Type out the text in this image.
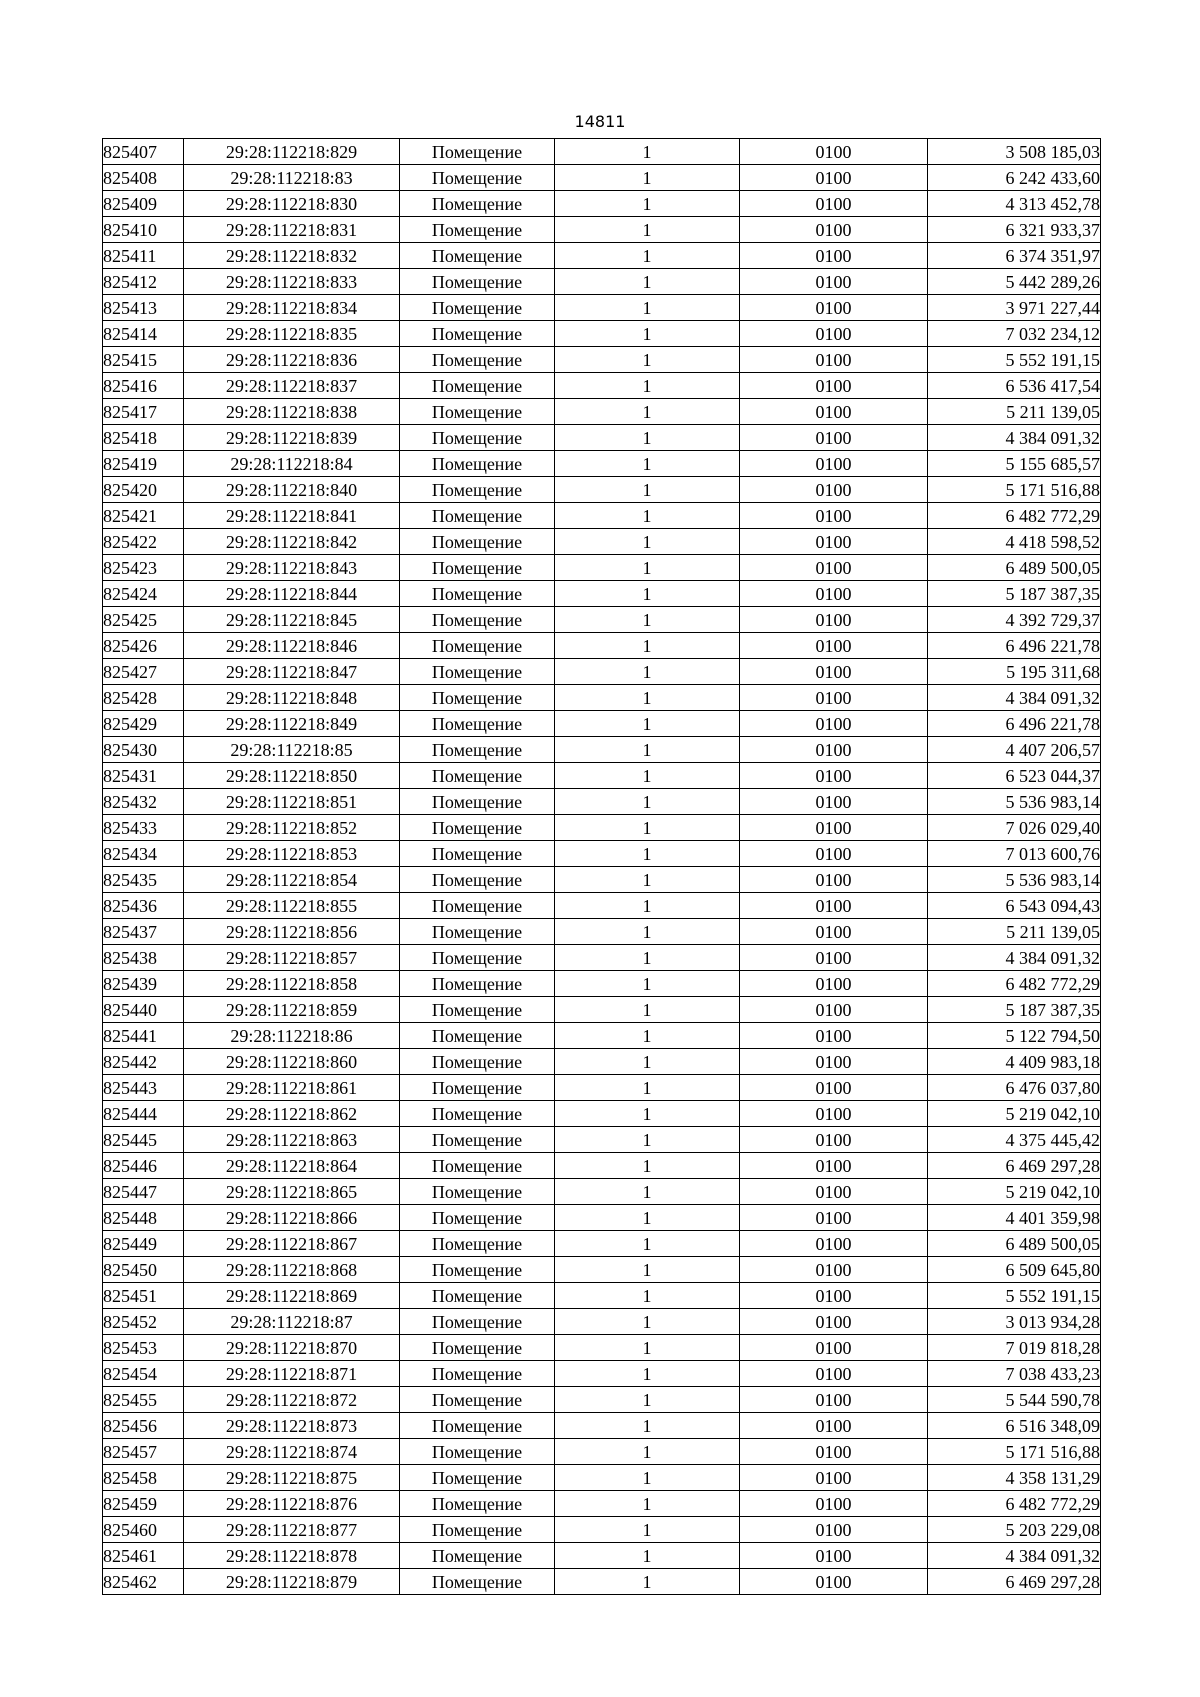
14811
825407	29:28:112218:829	Помещение	1	0100	3 508 185,03
825408	29:28:112218:83	Помещение	1	0100	6 242 433,60
825409	29:28:112218:830	Помещение	1	0100	4 313 452,78
825410	29:28:112218:831	Помещение	1	0100	6 321 933,37
825411	29:28:112218:832	Помещение	1	0100	6 374 351,97
825412	29:28:112218:833	Помещение	1	0100	5 442 289,26
825413	29:28:112218:834	Помещение	1	0100	3 971 227,44
825414	29:28:112218:835	Помещение	1	0100	7 032 234,12
825415	29:28:112218:836	Помещение	1	0100	5 552 191,15
825416	29:28:112218:837	Помещение	1	0100	6 536 417,54
825417	29:28:112218:838	Помещение	1	0100	5 211 139,05
825418	29:28:112218:839	Помещение	1	0100	4 384 091,32
825419	29:28:112218:84	Помещение	1	0100	5 155 685,57
825420	29:28:112218:840	Помещение	1	0100	5 171 516,88
825421	29:28:112218:841	Помещение	1	0100	6 482 772,29
825422	29:28:112218:842	Помещение	1	0100	4 418 598,52
825423	29:28:112218:843	Помещение	1	0100	6 489 500,05
825424	29:28:112218:844	Помещение	1	0100	5 187 387,35
825425	29:28:112218:845	Помещение	1	0100	4 392 729,37
825426	29:28:112218:846	Помещение	1	0100	6 496 221,78
825427	29:28:112218:847	Помещение	1	0100	5 195 311,68
825428	29:28:112218:848	Помещение	1	0100	4 384 091,32
825429	29:28:112218:849	Помещение	1	0100	6 496 221,78
825430	29:28:112218:85	Помещение	1	0100	4 407 206,57
825431	29:28:112218:850	Помещение	1	0100	6 523 044,37
825432	29:28:112218:851	Помещение	1	0100	5 536 983,14
825433	29:28:112218:852	Помещение	1	0100	7 026 029,40
825434	29:28:112218:853	Помещение	1	0100	7 013 600,76
825435	29:28:112218:854	Помещение	1	0100	5 536 983,14
825436	29:28:112218:855	Помещение	1	0100	6 543 094,43
825437	29:28:112218:856	Помещение	1	0100	5 211 139,05
825438	29:28:112218:857	Помещение	1	0100	4 384 091,32
825439	29:28:112218:858	Помещение	1	0100	6 482 772,29
825440	29:28:112218:859	Помещение	1	0100	5 187 387,35
825441	29:28:112218:86	Помещение	1	0100	5 122 794,50
825442	29:28:112218:860	Помещение	1	0100	4 409 983,18
825443	29:28:112218:861	Помещение	1	0100	6 476 037,80
825444	29:28:112218:862	Помещение	1	0100	5 219 042,10
825445	29:28:112218:863	Помещение	1	0100	4 375 445,42
825446	29:28:112218:864	Помещение	1	0100	6 469 297,28
825447	29:28:112218:865	Помещение	1	0100	5 219 042,10
825448	29:28:112218:866	Помещение	1	0100	4 401 359,98
825449	29:28:112218:867	Помещение	1	0100	6 489 500,05
825450	29:28:112218:868	Помещение	1	0100	6 509 645,80
825451	29:28:112218:869	Помещение	1	0100	5 552 191,15
825452	29:28:112218:87	Помещение	1	0100	3 013 934,28
825453	29:28:112218:870	Помещение	1	0100	7 019 818,28
825454	29:28:112218:871	Помещение	1	0100	7 038 433,23
825455	29:28:112218:872	Помещение	1	0100	5 544 590,78
825456	29:28:112218:873	Помещение	1	0100	6 516 348,09
825457	29:28:112218:874	Помещение	1	0100	5 171 516,88
825458	29:28:112218:875	Помещение	1	0100	4 358 131,29
825459	29:28:112218:876	Помещение	1	0100	6 482 772,29
825460	29:28:112218:877	Помещение	1	0100	5 203 229,08
825461	29:28:112218:878	Помещение	1	0100	4 384 091,32
825462	29:28:112218:879	Помещение	1	0100	6 469 297,28
